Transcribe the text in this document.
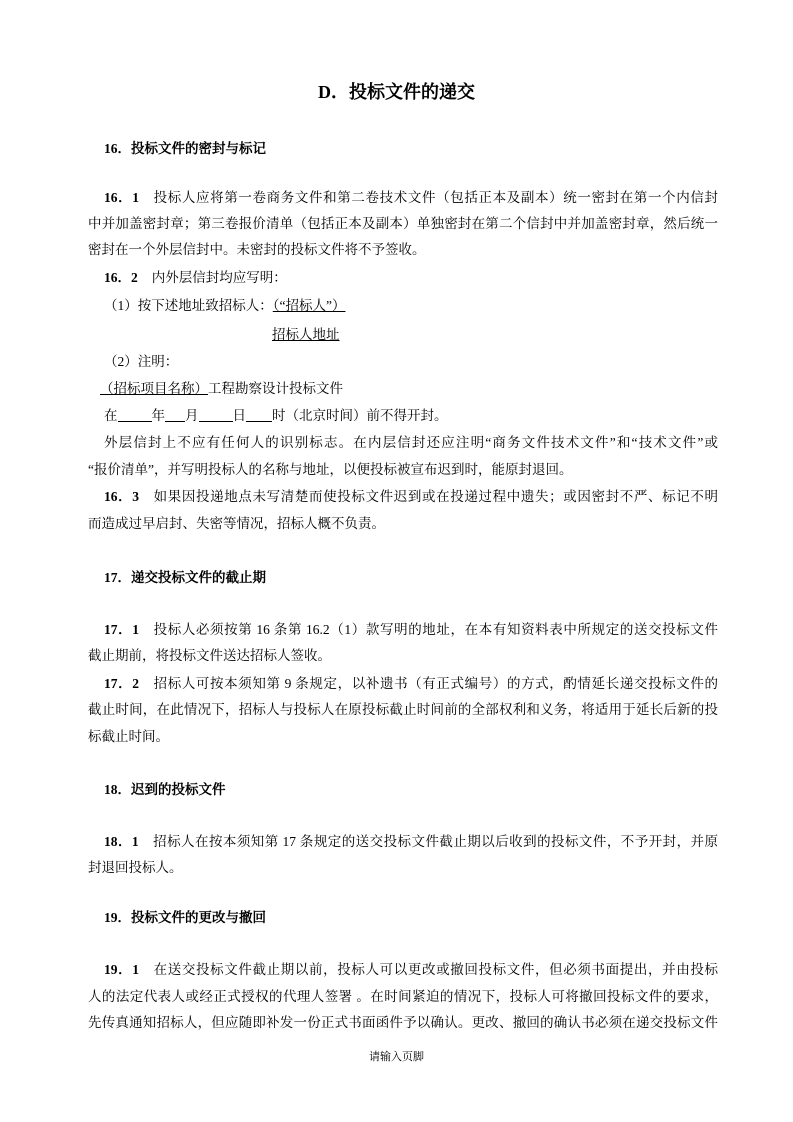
D．投标文件的递交
16．投标文件的密封与标记
16．1 投标人应将第一卷商务文件和第二卷技术文件（包括正本及副本）统一密封在第一个内信封
中并加盖密封章；第三卷报价清单（包括正本及副本）单独密封在第二个信封中并加盖密封章，然后统一
密封在一个外层信封中。未密封的投标文件将不予签收。
16．2 内外层信封均应写明：
（1）按下述地址致招标人：（“招标人”）
招标人地址
（2）注明：
（招标项目名称）工程勘察设计投标文件
在	年 月	日 时（北京时间）前不得开封。
外层信封上不应有任何人的识别标志。在内层信封还应注明“商务文件技术文件”和“技术文件”或
“报价清单”，并写明投标人的名称与地址，以便投标被宣布迟到时，能原封退回。
16．3 如果因投递地点未写清楚而使投标文件迟到或在投递过程中遗失；或因密封不严、标记不明
而造成过早启封、失密等情况，招标人概不负责。
17．递交投标文件的截止期
17．1 投标人必须按第 16 条第 16.2（1）款写明的地址，在本有知资料表中所规定的送交投标文件
截止期前，将投标文件送达招标人签收。
17．2 招标人可按本须知第 9 条规定，以补遗书（有正式编号）的方式，酌情延长递交投标文件的
截止时间，在此情况下，招标人与投标人在原投标截止时间前的全部权利和义务，将适用于延长后新的投
标截止时间。
18．迟到的投标文件
18．1 招标人在按本须知第 17 条规定的送交投标文件截止期以后收到的投标文件，不予开封，并原
封退回投标人。
19．投标文件的更改与撤回
19．1 在送交投标文件截止期以前，投标人可以更改或撤回投标文件，但必须书面提出，并由投标
人的法定代表人或经正式授权的代理人签署 。在时间紧迫的情况下，投标人可将撤回投标文件的要求，
先传真通知招标人，但应随即补发一份正式书面函件予以确认。更改、撤回的确认书必须在递交投标文件
请输入页脚
